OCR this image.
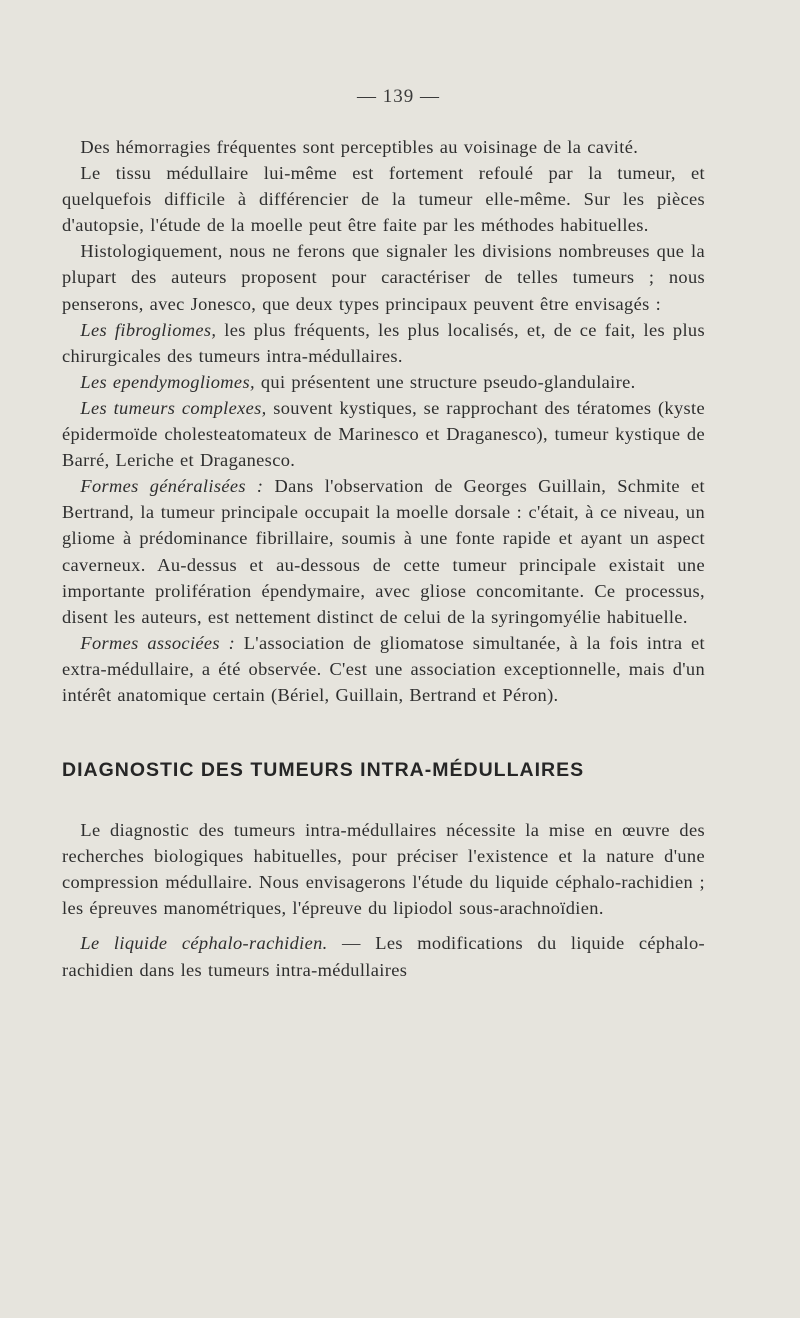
— 139 —

Des hémorragies fréquentes sont perceptibles au voisinage de la cavité.

Le tissu médullaire lui-même est fortement refoulé par la tumeur, et quelquefois difficile à différencier de la tumeur elle-même. Sur les pièces d'autopsie, l'étude de la moelle peut être faite par les méthodes habituelles.

Histologiquement, nous ne ferons que signaler les divisions nombreuses que la plupart des auteurs proposent pour caractériser de telles tumeurs ; nous penserons, avec Jonesco, que deux types principaux peuvent être envisagés :

Les fibrogliomes, les plus fréquents, les plus localisés, et, de ce fait, les plus chirurgicales des tumeurs intra-médullaires.

Les ependymogliomes, qui présentent une structure pseudo-glandulaire.

Les tumeurs complexes, souvent kystiques, se rapprochant des tératomes (kyste épidermoïde cholesteatomateux de Marinesco et Draganesco), tumeur kystique de Barré, Leriche et Draganesco.

Formes généralisées : Dans l'observation de Georges Guillain, Schmite et Bertrand, la tumeur principale occupait la moelle dorsale : c'était, à ce niveau, un gliome à prédominance fibrillaire, soumis à une fonte rapide et ayant un aspect caverneux. Au-dessus et au-dessous de cette tumeur principale existait une importante prolifération épendymaire, avec gliose concomitante. Ce processus, disent les auteurs, est nettement distinct de celui de la syringomyélie habituelle.

Formes associées : L'association de gliomatose simultanée, à la fois intra et extra-médullaire, a été observée. C'est une association exceptionnelle, mais d'un intérêt anatomique certain (Bériel, Guillain, Bertrand et Péron).

DIAGNOSTIC DES TUMEURS INTRA-MÉDULLAIRES

Le diagnostic des tumeurs intra-médullaires nécessite la mise en œuvre des recherches biologiques habituelles, pour préciser l'existence et la nature d'une compression médullaire. Nous envisagerons l'étude du liquide céphalo-rachidien ; les épreuves manométriques, l'épreuve du lipiodol sous-arachnoïdien.

Le liquide céphalo-rachidien. — Les modifications du liquide céphalo-rachidien dans les tumeurs intra-médullaires
